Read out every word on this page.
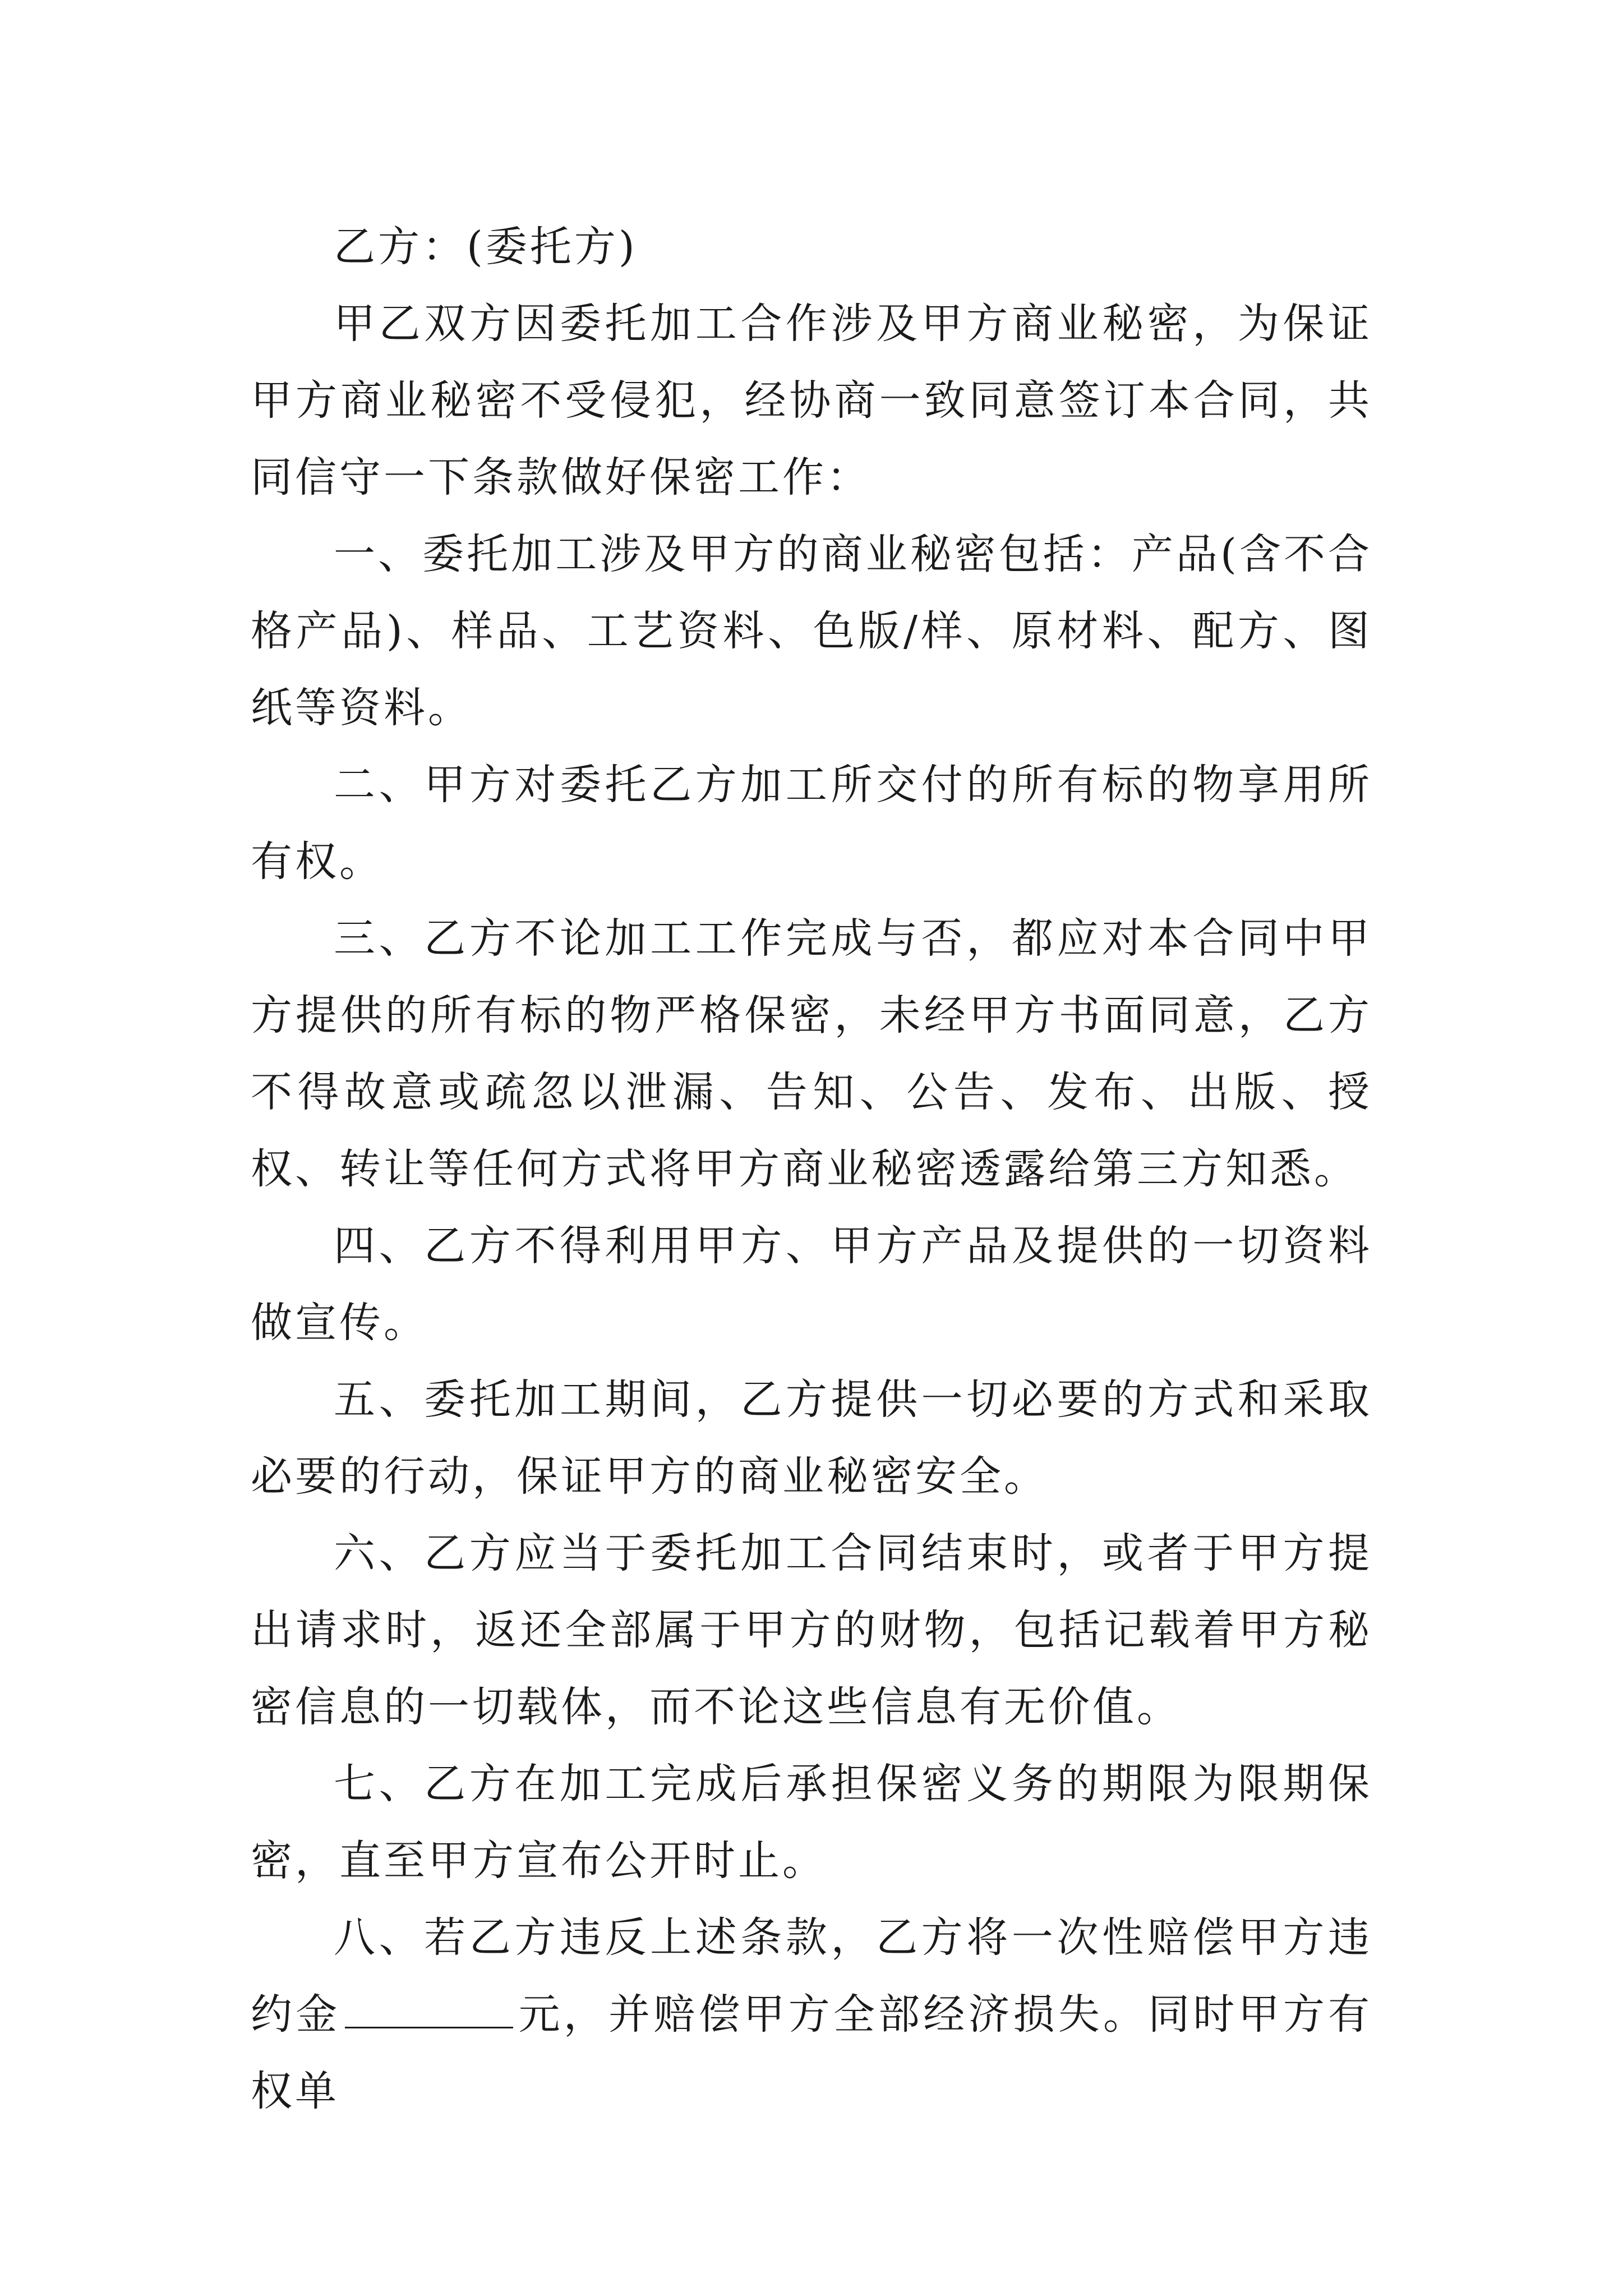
乙方：(委托方)

甲乙双方因委托加工合作涉及甲方商业秘密，为保证甲方商业秘密不受侵犯，经协商一致同意签订本合同，共同信守一下条款做好保密工作：

一、委托加工涉及甲方的商业秘密包括：产品(含不合格产品)、样品、工艺资料、色版/样、原材料、配方、图纸等资料。

二、甲方对委托乙方加工所交付的所有标的物享用所有权。

三、乙方不论加工工作完成与否，都应对本合同中甲方提供的所有标的物严格保密，未经甲方书面同意，乙方不得故意或疏忽以泄漏、告知、公告、发布、出版、授权、转让等任何方式将甲方商业秘密透露给第三方知悉。

四、乙方不得利用甲方、甲方产品及提供的一切资料做宣传。

五、委托加工期间，乙方提供一切必要的方式和采取必要的行动，保证甲方的商业秘密安全。

六、乙方应当于委托加工合同结束时，或者于甲方提出请求时，返还全部属于甲方的财物，包括记载着甲方秘密信息的一切载体，而不论这些信息有无价值。

七、乙方在加工完成后承担保密义务的期限为限期保密，直至甲方宣布公开时止。

八、若乙方违反上述条款，乙方将一次性赔偿甲方违约金	元，并赔偿甲方全部经济损失。同时甲方有权单
